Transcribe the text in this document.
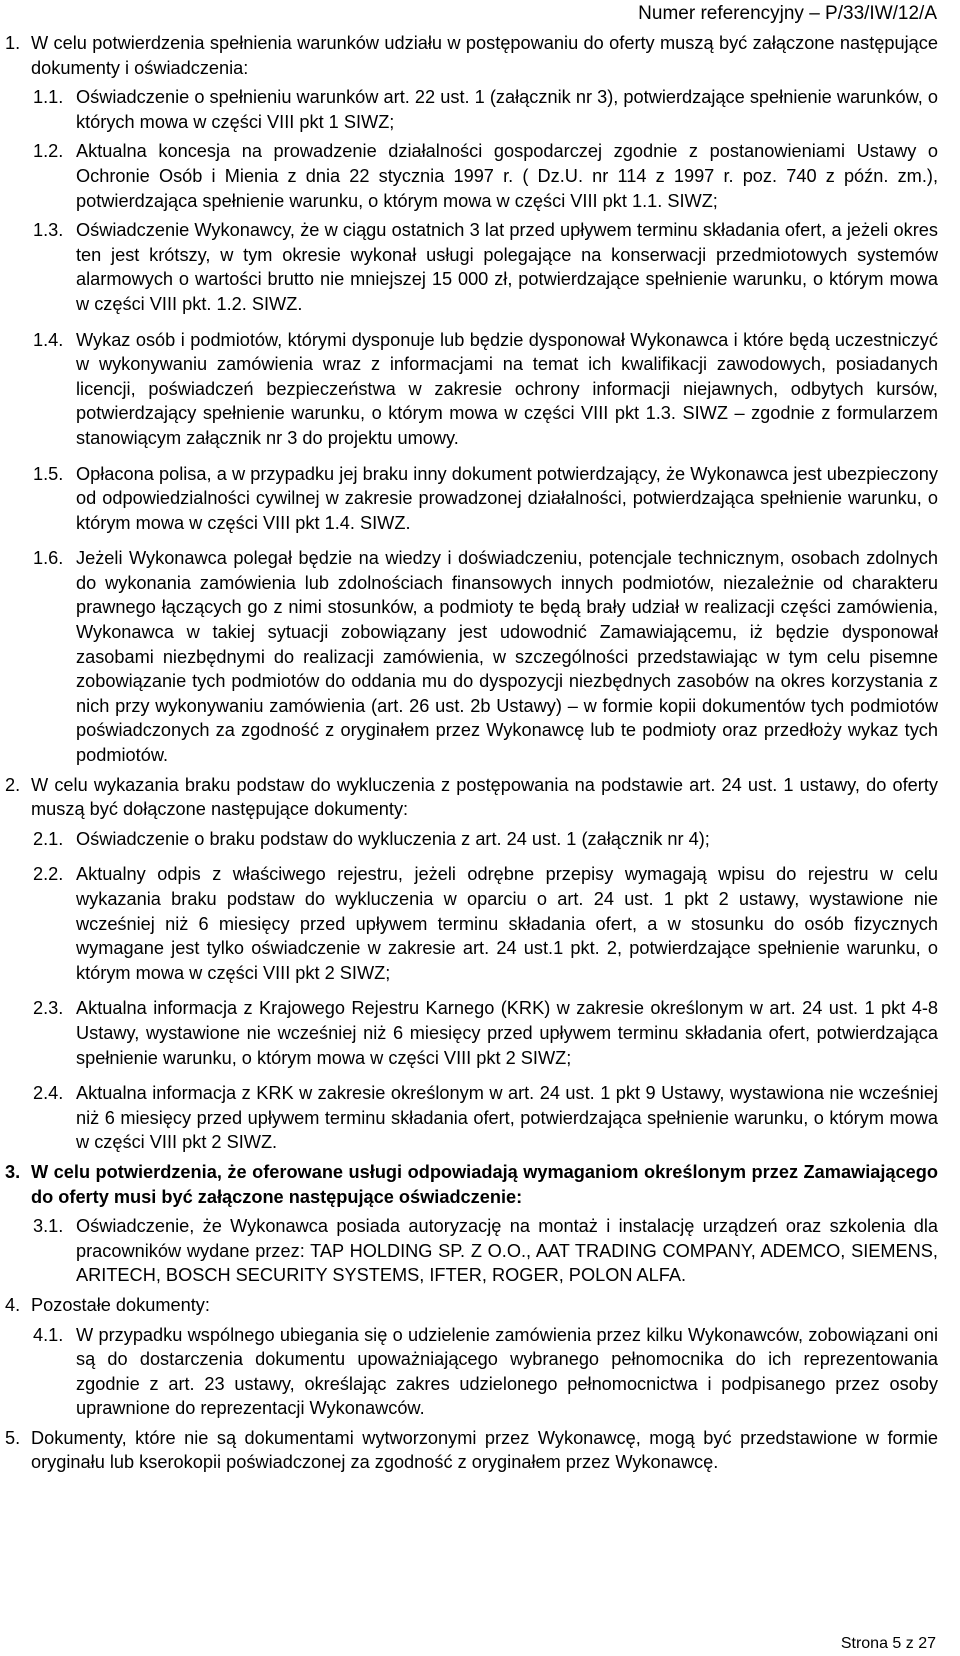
Numer referencyjny – P/33/IW/12/A
1. W celu potwierdzenia spełnienia warunków udziału w postępowaniu do oferty muszą być załączone następujące dokumenty i oświadczenia:
1.1. Oświadczenie o spełnieniu warunków art. 22 ust. 1 (załącznik nr 3), potwierdzające spełnienie warunków, o których mowa w części VIII pkt 1 SIWZ;
1.2. Aktualna koncesja na prowadzenie działalności gospodarczej zgodnie z postanowieniami Ustawy o Ochronie Osób i Mienia z dnia 22 stycznia 1997 r. ( Dz.U. nr 114 z 1997 r. poz. 740 z późn. zm.), potwierdzająca spełnienie warunku, o którym mowa w części VIII pkt 1.1. SIWZ;
1.3. Oświadczenie Wykonawcy, że w ciągu ostatnich 3 lat przed upływem terminu składania ofert, a jeżeli okres ten jest krótszy, w tym okresie wykonał usługi polegające na konserwacji przedmiotowych systemów alarmowych o wartości brutto nie mniejszej 15 000 zł, potwierdzające spełnienie warunku, o którym mowa w części VIII pkt. 1.2. SIWZ.
1.4. Wykaz osób i podmiotów, którymi dysponuje lub będzie dysponował Wykonawca i które będą uczestniczyć w wykonywaniu zamówienia wraz z informacjami na temat ich kwalifikacji zawodowych, posiadanych licencji, poświadczeń bezpieczeństwa w zakresie ochrony informacji niejawnych, odbytych kursów, potwierdzający spełnienie warunku, o którym mowa w części VIII pkt 1.3. SIWZ – zgodnie z formularzem stanowiącym załącznik nr 3 do projektu umowy.
1.5. Opłacona polisa, a w przypadku jej braku inny dokument potwierdzający, że Wykonawca jest ubezpieczony od odpowiedzialności cywilnej w zakresie prowadzonej działalności, potwierdzająca spełnienie warunku, o którym mowa w części VIII pkt 1.4. SIWZ.
1.6. Jeżeli Wykonawca polegał będzie na wiedzy i doświadczeniu, potencjale technicznym, osobach zdolnych do wykonania zamówienia lub zdolnościach finansowych innych podmiotów, niezależnie od charakteru prawnego łączących go z nimi stosunków, a podmioty te będą brały udział w realizacji części zamówienia, Wykonawca w takiej sytuacji zobowiązany jest udowodnić Zamawiającemu, iż będzie dysponował zasobami niezbędnymi do realizacji zamówienia, w szczególności przedstawiając w tym celu pisemne zobowiązanie tych podmiotów do oddania mu do dyspozycji niezbędnych zasobów na okres korzystania z nich przy wykonywaniu zamówienia (art. 26 ust. 2b Ustawy) – w formie kopii dokumentów tych podmiotów poświadczonych za zgodność z oryginałem przez Wykonawcę lub te podmioty oraz przedłoży wykaz tych podmiotów.
2. W celu wykazania braku podstaw do wykluczenia z postępowania na podstawie art. 24 ust. 1 ustawy, do oferty muszą być dołączone następujące dokumenty:
2.1. Oświadczenie o braku podstaw do wykluczenia z art. 24 ust. 1 (załącznik nr 4);
2.2. Aktualny odpis z właściwego rejestru, jeżeli odrębne przepisy wymagają wpisu do rejestru w celu wykazania braku podstaw do wykluczenia w oparciu o art. 24 ust. 1 pkt 2 ustawy, wystawione nie wcześniej niż 6 miesięcy przed upływem terminu składania ofert, a w stosunku do osób fizycznych wymagane jest tylko oświadczenie w zakresie art. 24 ust.1 pkt. 2, potwierdzające spełnienie warunku, o którym mowa w części VIII pkt 2 SIWZ;
2.3. Aktualna informacja z Krajowego Rejestru Karnego (KRK) w zakresie określonym w art. 24 ust. 1 pkt 4-8 Ustawy, wystawione nie wcześniej niż 6 miesięcy przed upływem terminu składania ofert, potwierdzająca spełnienie warunku, o którym mowa w części VIII pkt 2 SIWZ;
2.4. Aktualna informacja z KRK w zakresie określonym w art. 24 ust. 1 pkt 9 Ustawy, wystawiona nie wcześniej niż 6 miesięcy przed upływem terminu składania ofert, potwierdzająca spełnienie warunku, o którym mowa w części VIII pkt 2 SIWZ.
3. W celu potwierdzenia, że oferowane usługi odpowiadają wymaganiom określonym przez Zamawiającego do oferty musi być załączone następujące oświadczenie:
3.1. Oświadczenie, że Wykonawca posiada autoryzację na montaż i instalację urządzeń oraz szkolenia dla pracowników wydane przez: TAP HOLDING SP. Z O.O., AAT TRADING COMPANY, ADEMCO, SIEMENS, ARITECH, BOSCH SECURITY SYSTEMS, IFTER, ROGER, POLON ALFA.
4. Pozostałe dokumenty:
4.1. W przypadku wspólnego ubiegania się o udzielenie zamówienia przez kilku Wykonawców, zobowiązani oni są do dostarczenia dokumentu upoważniającego wybranego pełnomocnika do ich reprezentowania zgodnie z art. 23 ustawy, określając zakres udzielonego pełnomocnictwa i podpisanego przez osoby uprawnione do reprezentacji Wykonawców.
5. Dokumenty, które nie są dokumentami wytworzonymi przez Wykonawcę, mogą być przedstawione w formie oryginału lub kserokopii poświadczonej za zgodność z oryginałem przez Wykonawcę.
Strona 5 z 27
